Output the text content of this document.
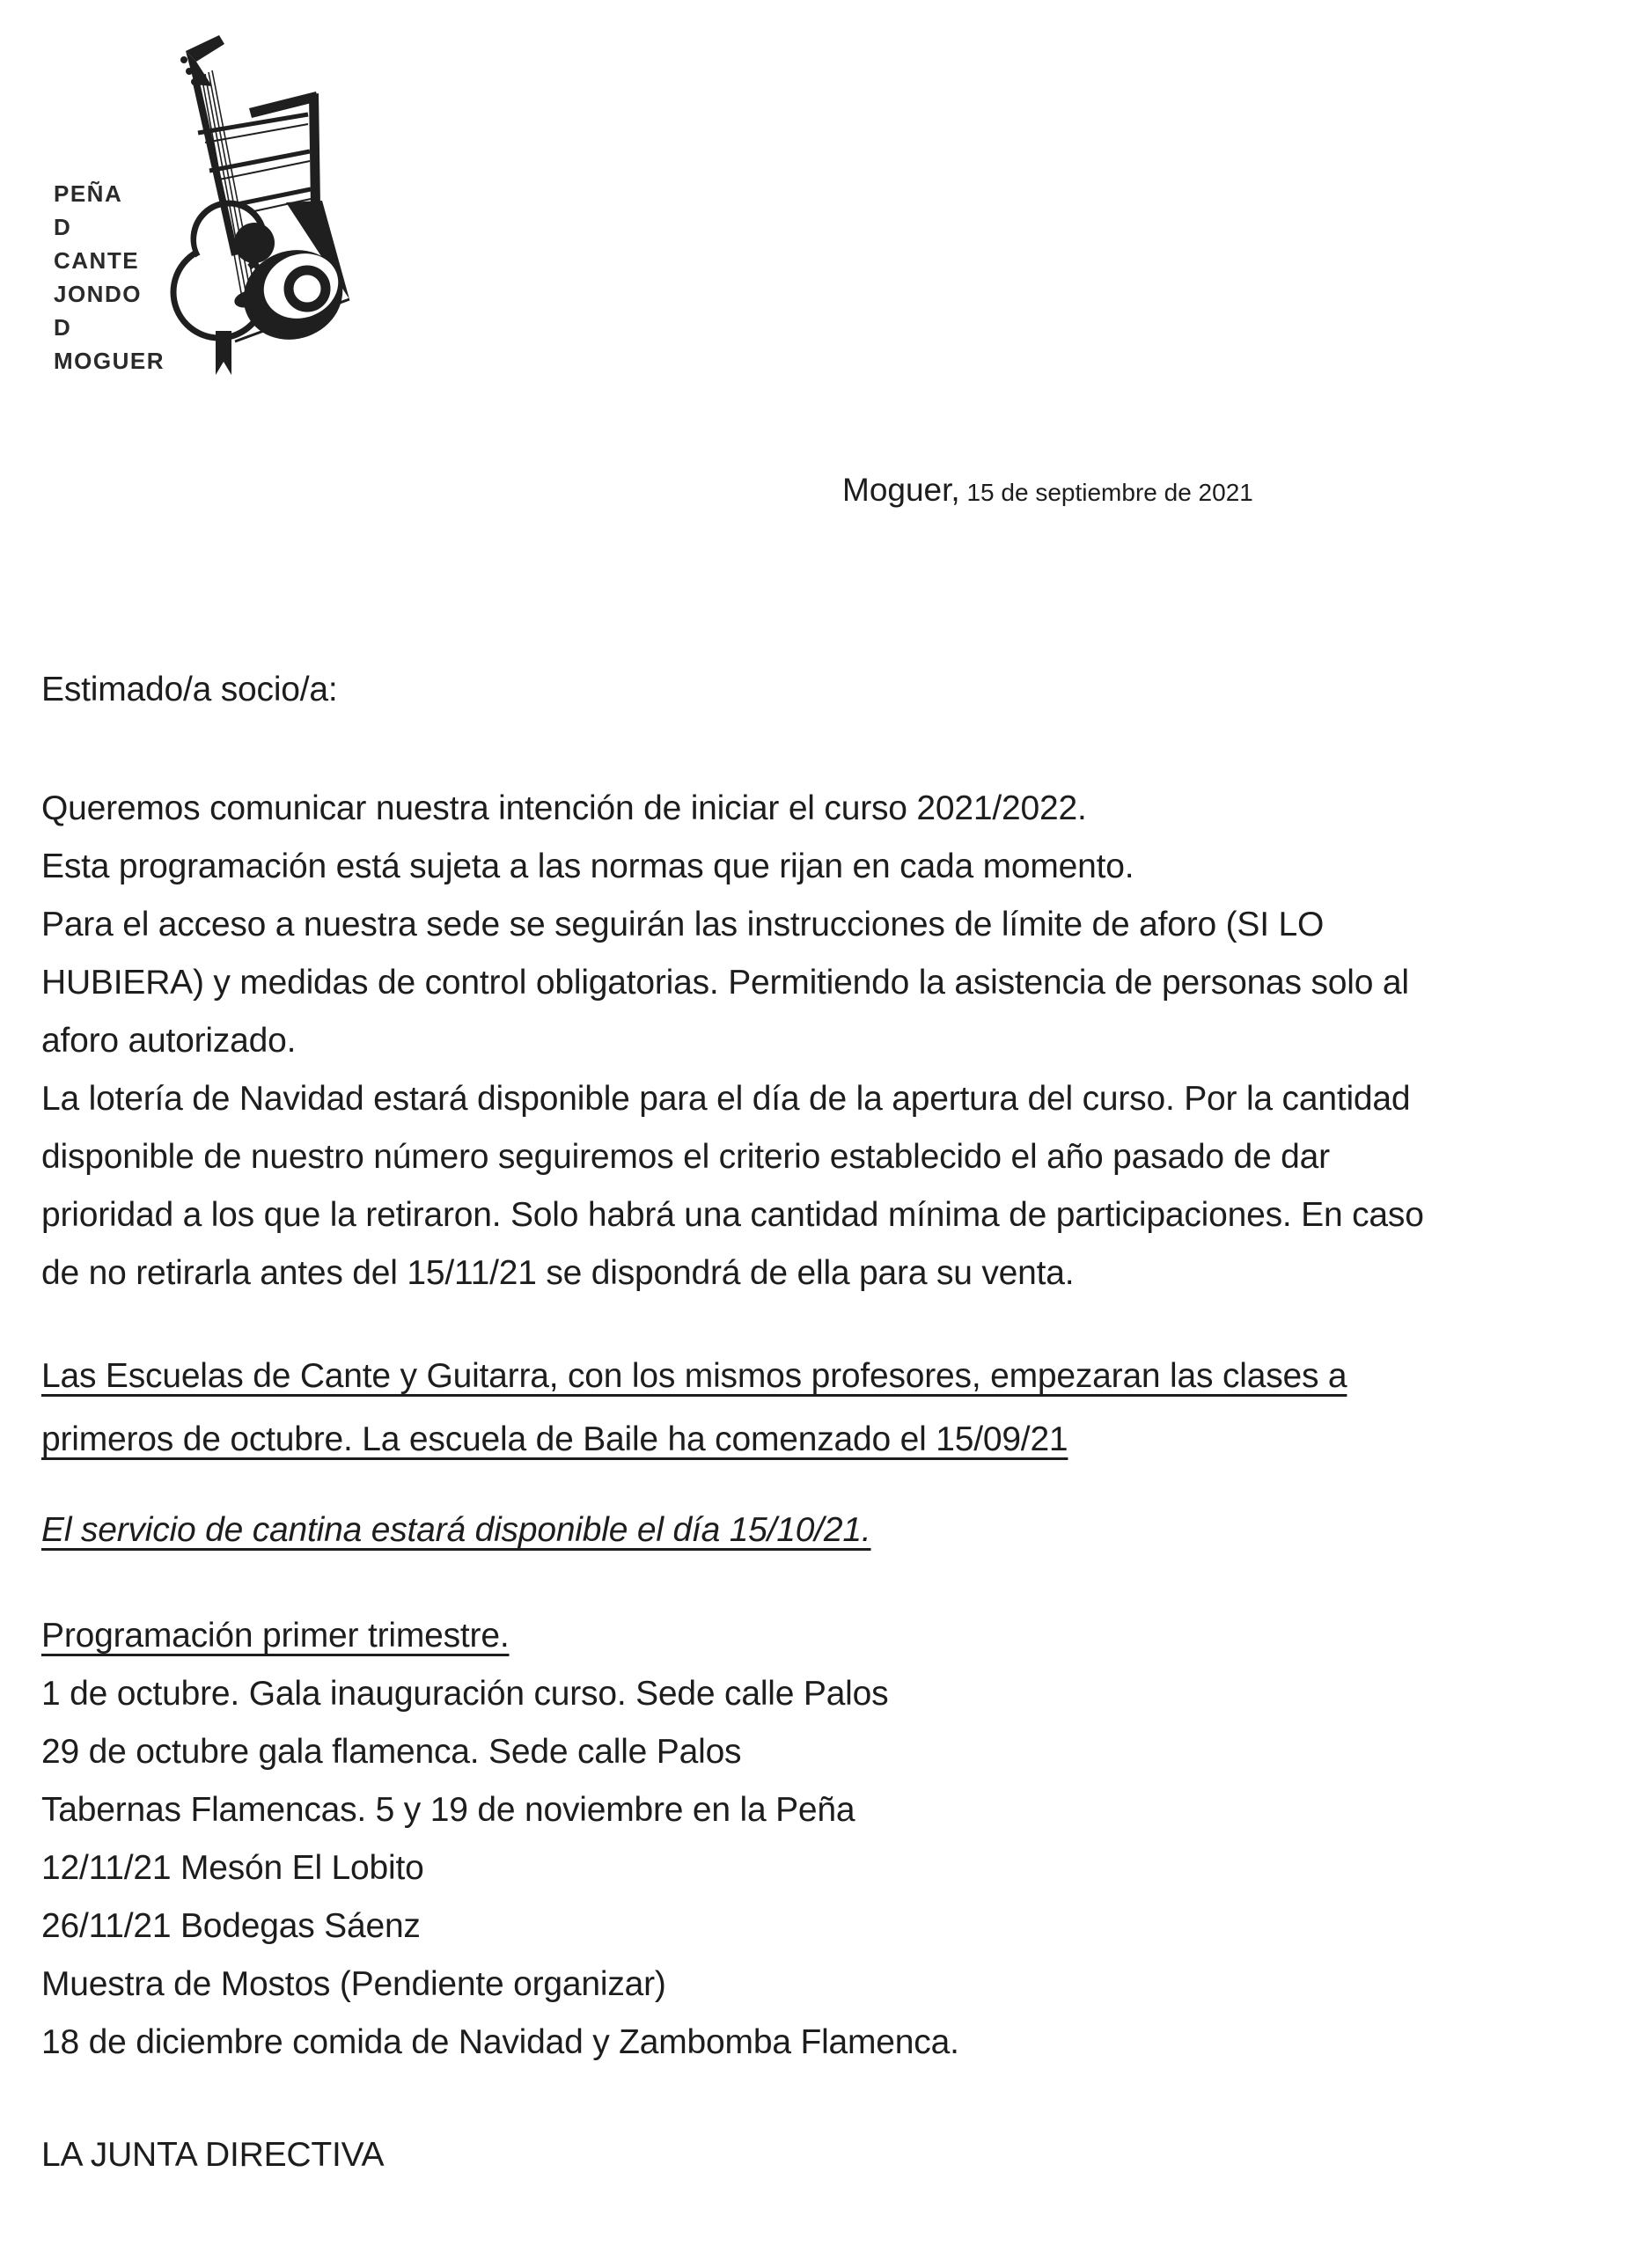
PEÑA
D
CANTE
JONDO
D
MOGUER
Moguer, 15 de septiembre de 2021
Estimado/a socio/a:
Queremos comunicar nuestra intención de iniciar el curso 2021/2022.
Esta programación está sujeta a las normas que rijan en cada momento.
Para el acceso a nuestra sede se seguirán las instrucciones de límite de aforo (SI LO
HUBIERA) y medidas de control obligatorias. Permitiendo la asistencia de personas solo al
aforo autorizado.
La lotería de Navidad estará disponible para el día de la apertura del curso. Por la cantidad
disponible de nuestro número seguiremos el criterio establecido el año pasado de dar
prioridad a los que la retiraron. Solo habrá una cantidad mínima de participaciones. En caso
de no retirarla antes del 15/11/21 se dispondrá de ella para su venta.
Las Escuelas de Cante y Guitarra, con los mismos profesores, empezaran las clases a
primeros de octubre. La escuela de Baile ha comenzado el 15/09/21
El servicio de cantina estará disponible el día 15/10/21.
Programación primer trimestre.
1 de octubre. Gala inauguración curso. Sede calle Palos
29 de octubre gala flamenca. Sede calle Palos
Tabernas Flamencas. 5 y 19 de noviembre en la Peña
12/11/21 Mesón El Lobito
26/11/21 Bodegas Sáenz
Muestra de Mostos (Pendiente organizar)
18 de diciembre comida de Navidad y Zambomba Flamenca.
LA JUNTA DIRECTIVA
